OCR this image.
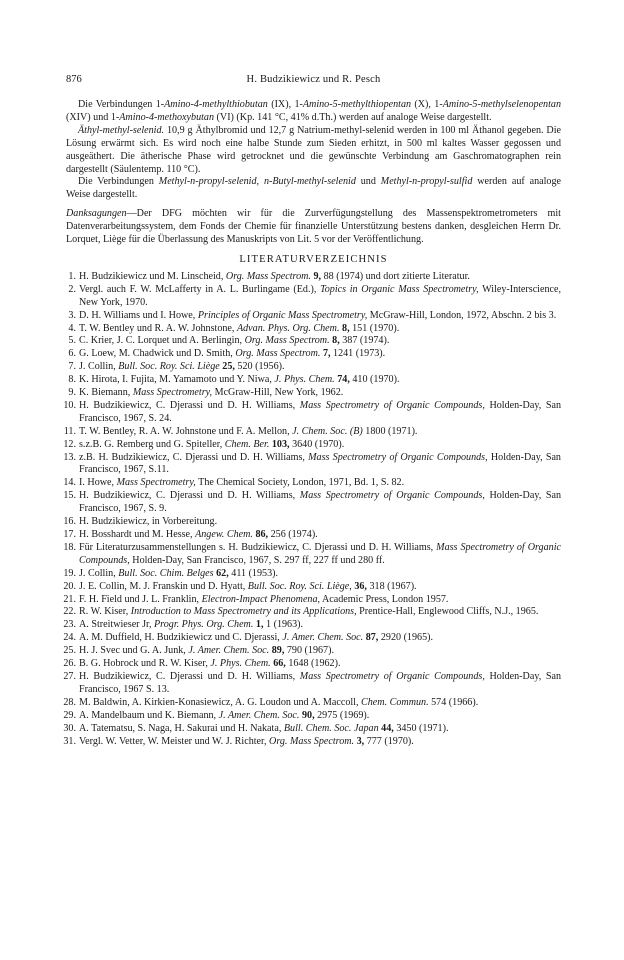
876	H. Budzikiewicz und R. Pesch

Die Verbindungen 1-Amino-4-methylthiobutan (IX), 1-Amino-5-methylthiopentan (X), 1-Amino-5-methylselenopentan (XIV) und 1-Amino-4-methoxybutan (VI) (Kp. 141 °C, 41% d.Th.) werden auf analoge Weise dargestellt.

Äthyl-methyl-selenid. 10,9 g Äthylbromid und 12,7 g Natrium-methyl-selenid werden in 100 ml Äthanol gegeben. Die Lösung erwärmt sich. Es wird noch eine halbe Stunde zum Sieden erhitzt, in 500 ml kaltes Wasser gegossen und ausgeäthert. Die ätherische Phase wird getrocknet und die gewünschte Verbindung am Gaschromatographen rein dargestellt (Säulentemp. 110 °C).

Die Verbindungen Methyl-n-propyl-selenid, n-Butyl-methyl-selenid und Methyl-n-propyl-sulfid werden auf analoge Weise dargestellt.

Danksagungen—Der DFG möchten wir für die Zurverfügungstellung des Massenspektrometrometers mit Datenverarbeitungssystem, dem Fonds der Chemie für finanzielle Unterstützung bestens danken, desgleichen Herrn Dr. Lorquet, Liège für die Überlassung des Manuskripts von Lit. 5 vor der Veröffentlichung.

LITERATURVERZEICHNIS
1. H. Budzikiewicz und M. Linscheid, Org. Mass Spectrom. 9, 88 (1974) und dort zitierte Literatur.
2. Vergl. auch F. W. McLafferty in A. L. Burlingame (Ed.), Topics in Organic Mass Spectrometry, Wiley-Interscience, New York, 1970.
3. D. H. Williams und I. Howe, Principles of Organic Mass Spectrometry, McGraw-Hill, London, 1972, Abschn. 2 bis 3.
4. T. W. Bentley und R. A. W. Johnstone, Advan. Phys. Org. Chem. 8, 151 (1970).
5. C. Krier, J. C. Lorquet und A. Berlingin, Org. Mass Spectrom. 8, 387 (1974).
6. G. Loew, M. Chadwick und D. Smith, Org. Mass Spectrom. 7, 1241 (1973).
7. J. Collin, Bull. Soc. Roy. Sci. Liège 25, 520 (1956).
8. K. Hirota, I. Fujita, M. Yamamoto und Y. Niwa, J. Phys. Chem. 74, 410 (1970).
9. K. Biemann, Mass Spectrometry, McGraw-Hill, New York, 1962.
10. H. Budzikiewicz, C. Djerassi und D. H. Williams, Mass Spectrometry of Organic Compounds, Holden-Day, San Francisco, 1967, S. 24.
11. T. W. Bentley, R. A. W. Johnstone und F. A. Mellon, J. Chem. Soc. (B) 1800 (1971).
12. s.z.B. G. Remberg und G. Spiteller, Chem. Ber. 103, 3640 (1970).
13. z.B. H. Budzikiewicz, C. Djerassi und D. H. Williams, Mass Spectrometry of Organic Compounds, Holden-Day, San Francisco, 1967, S.11.
14. I. Howe, Mass Spectrometry, The Chemical Society, London, 1971, Bd. 1, S. 82.
15. H. Budzikiewicz, C. Djerassi und D. H. Williams, Mass Spectrometry of Organic Compounds, Holden-Day, San Francisco, 1967, S. 9.
16. H. Budzikiewicz, in Vorbereitung.
17. H. Bosshardt und M. Hesse, Angew. Chem. 86, 256 (1974).
18. Für Literaturzusammenstellungen s. H. Budzikiewicz, C. Djerassi und D. H. Williams, Mass Spectrometry of Organic Compounds, Holden-Day, San Francisco, 1967, S. 297 ff, 227 ff und 280 ff.
19. J. Collin, Bull. Soc. Chim. Belges 62, 411 (1953).
20. J. E. Collin, M. J. Franskin und D. Hyatt, Bull. Soc. Roy. Sci. Liège, 36, 318 (1967).
21. F. H. Field und J. L. Franklin, Electron-Impact Phenomena, Academic Press, London 1957.
22. R. W. Kiser, Introduction to Mass Spectrometry and its Applications, Prentice-Hall, Englewood Cliffs, N.J., 1965.
23. A. Streitwieser Jr, Progr. Phys. Org. Chem. 1, 1 (1963).
24. A. M. Duffield, H. Budzikiewicz und C. Djerassi, J. Amer. Chem. Soc. 87, 2920 (1965).
25. H. J. Svec und G. A. Junk, J. Amer. Chem. Soc. 89, 790 (1967).
26. B. G. Hobrock und R. W. Kiser, J. Phys. Chem. 66, 1648 (1962).
27. H. Budzikiewicz, C. Djerassi und D. H. Williams, Mass Spectrometry of Organic Compounds, Holden-Day, San Francisco, 1967 S. 13.
28. M. Baldwin, A. Kirkien-Konasiewicz, A. G. Loudon und A. Maccoll, Chem. Commun. 574 (1966).
29. A. Mandelbaum und K. Biemann, J. Amer. Chem. Soc. 90, 2975 (1969).
30. A. Tatematsu, S. Naga, H. Sakurai und H. Nakata, Bull. Chem. Soc. Japan 44, 3450 (1971).
31. Vergl. W. Vetter, W. Meister und W. J. Richter, Org. Mass Spectrom. 3, 777 (1970).
